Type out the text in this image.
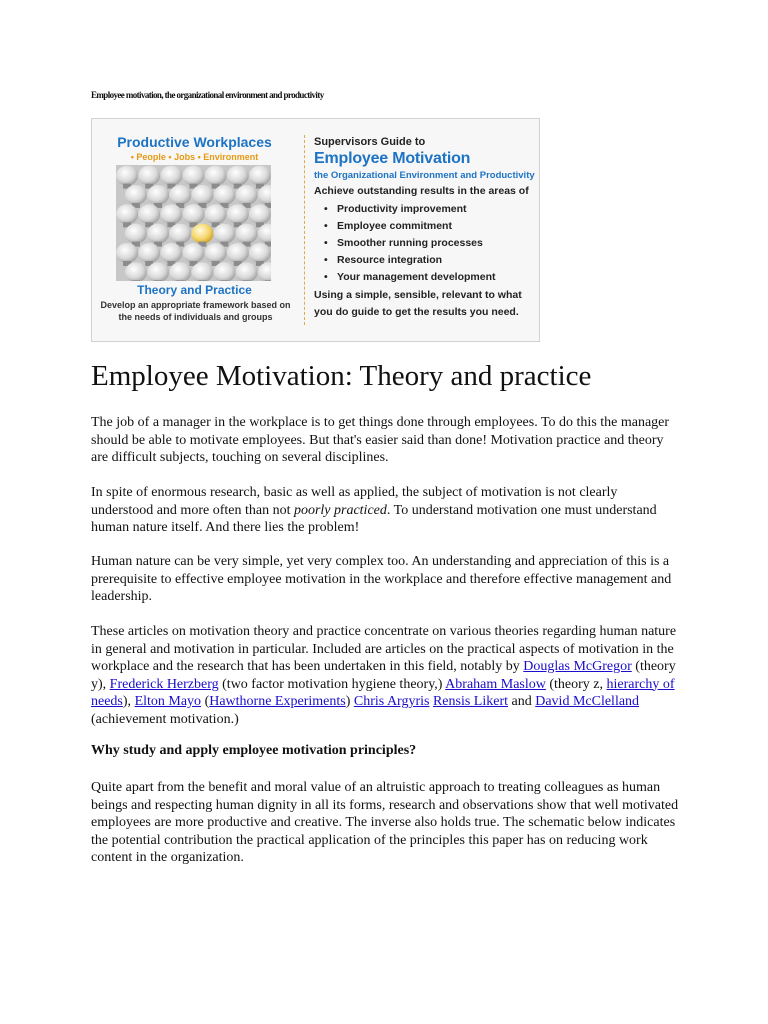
Employee motivation, the organizational environment and productivity
Productive Workplaces
• People • Jobs • Environment
Theory and Practice
Develop an appropriate framework based on the needs of individuals and groups
Supervisors Guide to
Employee Motivation
the Organizational Environment and Productivity
Achieve outstanding results in the areas of
• Productivity improvement
• Employee commitment
• Smoother running processes
• Resource integration
• Your management development
Using a simple, sensible, relevant to what you do guide to get the results you need.
Employee Motivation: Theory and practice

The job of a manager in the workplace is to get things done through employees. To do this the manager should be able to motivate employees. But that's easier said than done! Motivation practice and theory are difficult subjects, touching on several disciplines.

In spite of enormous research, basic as well as applied, the subject of motivation is not clearly understood and more often than not poorly practiced. To understand motivation one must understand human nature itself. And there lies the problem!

Human nature can be very simple, yet very complex too. An understanding and appreciation of this is a prerequisite to effective employee motivation in the workplace and therefore effective management and leadership.

These articles on motivation theory and practice concentrate on various theories regarding human nature in general and motivation in particular. Included are articles on the practical aspects of motivation in the workplace and the research that has been undertaken in this field, notably by Douglas McGregor (theory y), Frederick Herzberg (two factor motivation hygiene theory,) Abraham Maslow (theory z, hierarchy of needs), Elton Mayo (Hawthorne Experiments) Chris Argyris Rensis Likert and David McClelland (achievement motivation.)

Why study and apply employee motivation principles?

Quite apart from the benefit and moral value of an altruistic approach to treating colleagues as human beings and respecting human dignity in all its forms, research and observations show that well motivated employees are more productive and creative. The inverse also holds true. The schematic below indicates the potential contribution the practical application of the principles this paper has on reducing work content in the organization.
